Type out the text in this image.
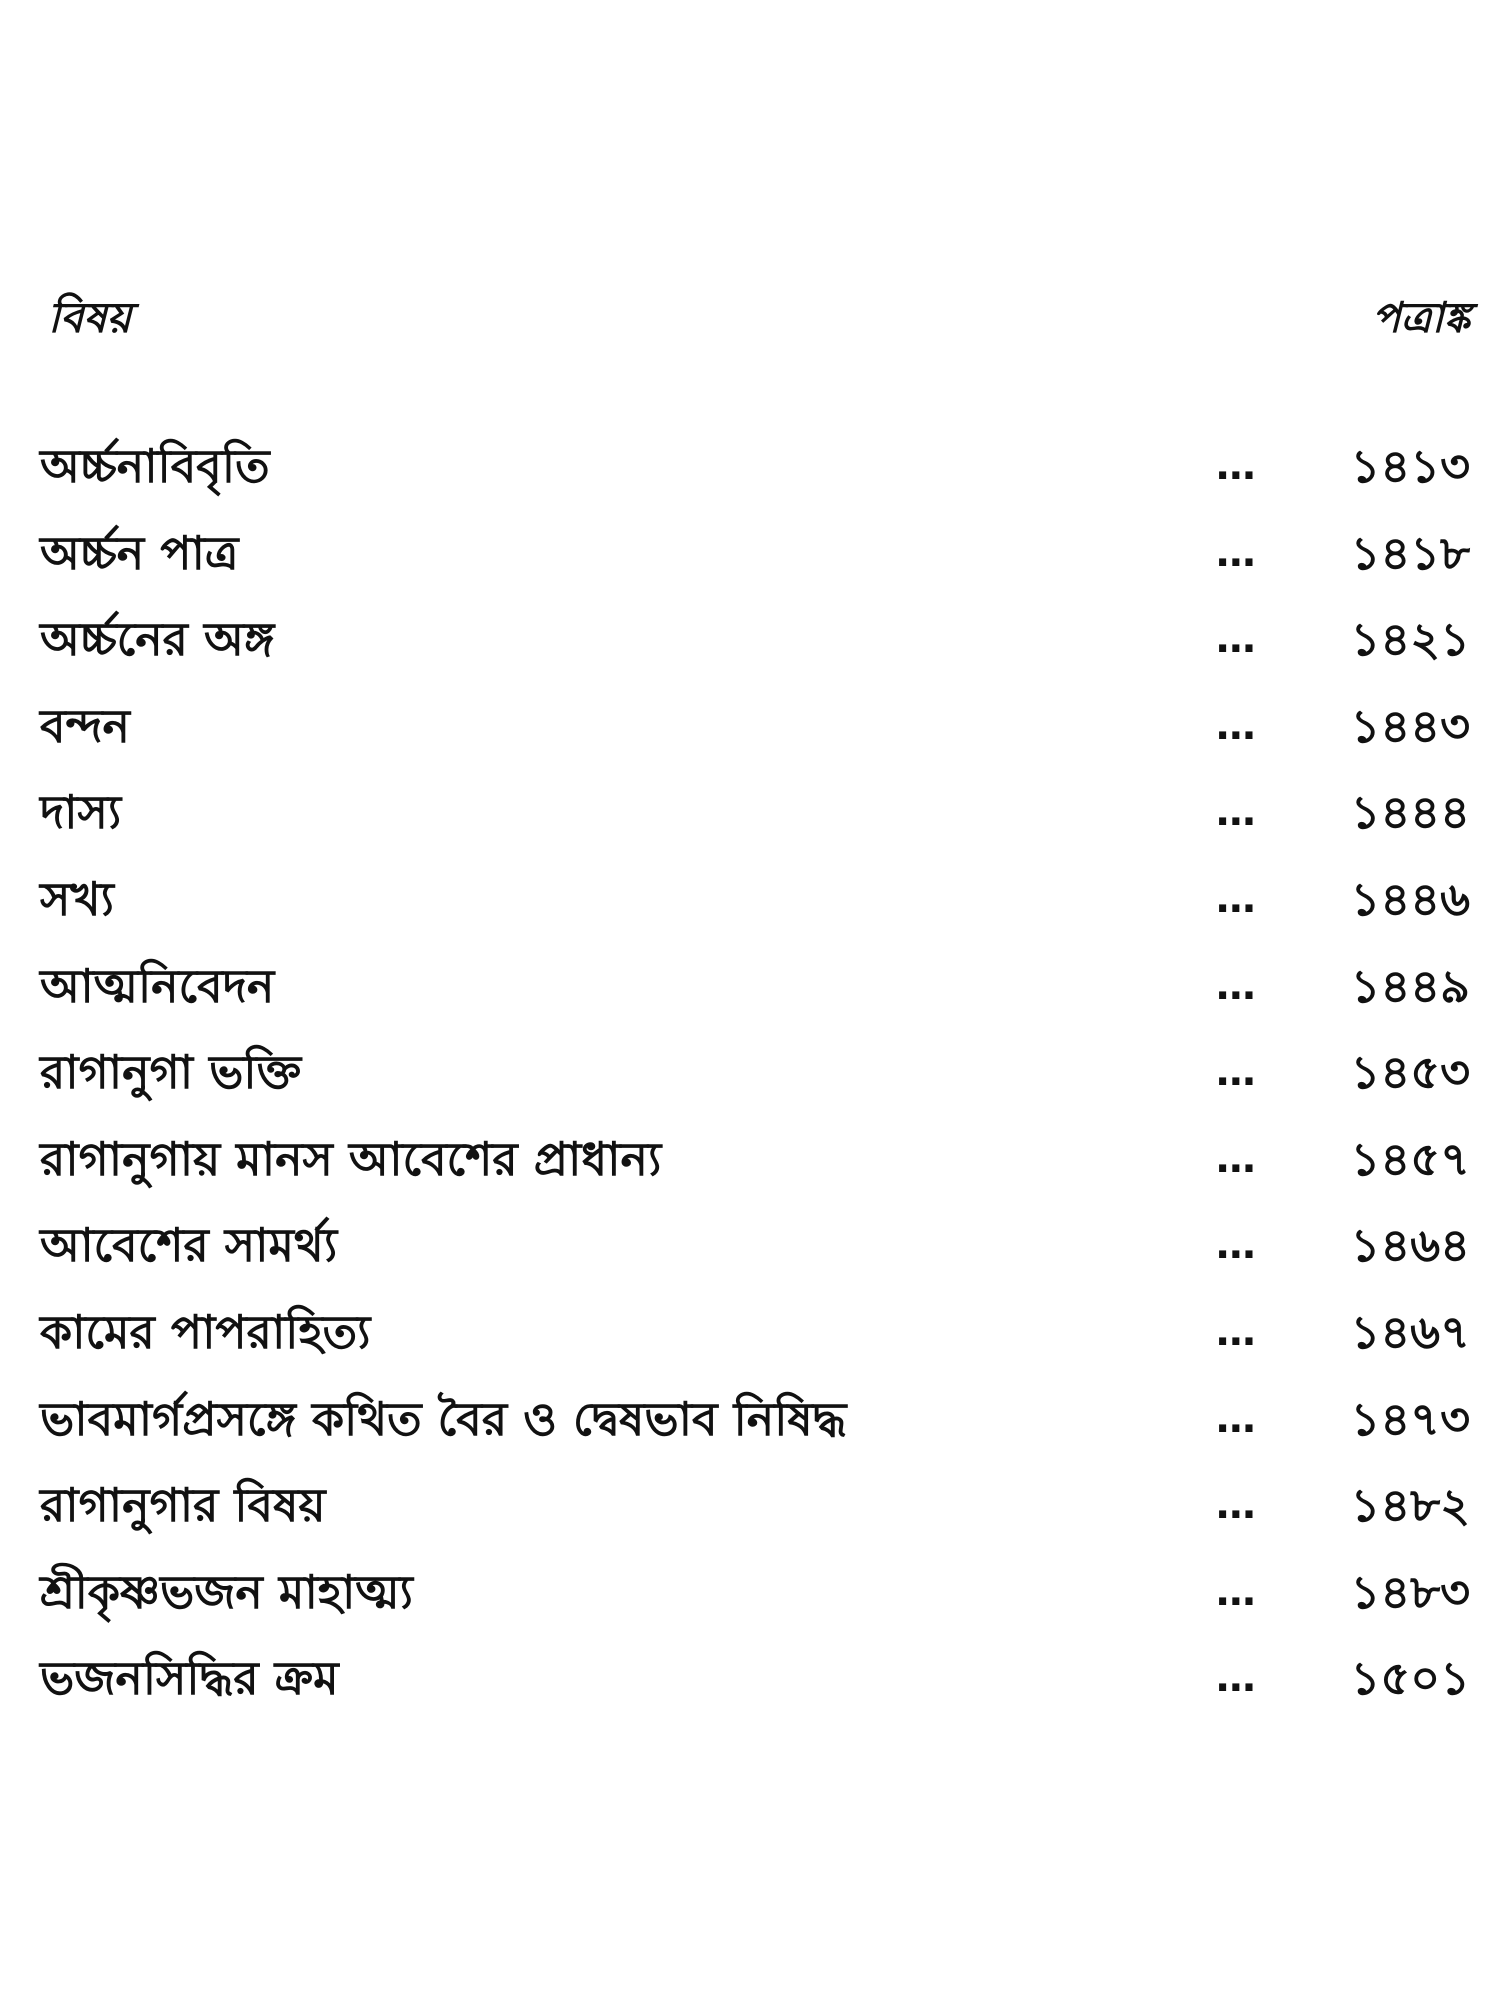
বিষয়	পত্রাঙ্ক
অর্চ্চনাবিবৃতি	... ১৪১৩
অর্চ্চন পাত্র	... ১৪১৮
অর্চ্চনের অঙ্গ	... ১৪২১
বন্দন	... ১৪৪৩
দাস্য	... ১৪৪৪
সখ্য	... ১৪৪৬
আত্মনিবেদন	... ১৪৪৯
রাগানুগা ভক্তি	... ১৪৫৩
রাগানুগায় মানস আবেশের প্রাধান্য	... ১৪৫৭
আবেশের সামর্থ্য	... ১৪৬৪
কামের পাপরাহিত্য	... ১৪৬৭
ভাবমার্গপ্রসঙ্গে কথিত বৈর ও দ্বেষভাব নিষিদ্ধ	... ১৪৭৩
রাগানুগার বিষয়	... ১৪৮২
শ্রীকৃষ্ণভজন মাহাত্ম্য	... ১৪৮৩
ভজনসিদ্ধির ক্রম	... ১৫০১
